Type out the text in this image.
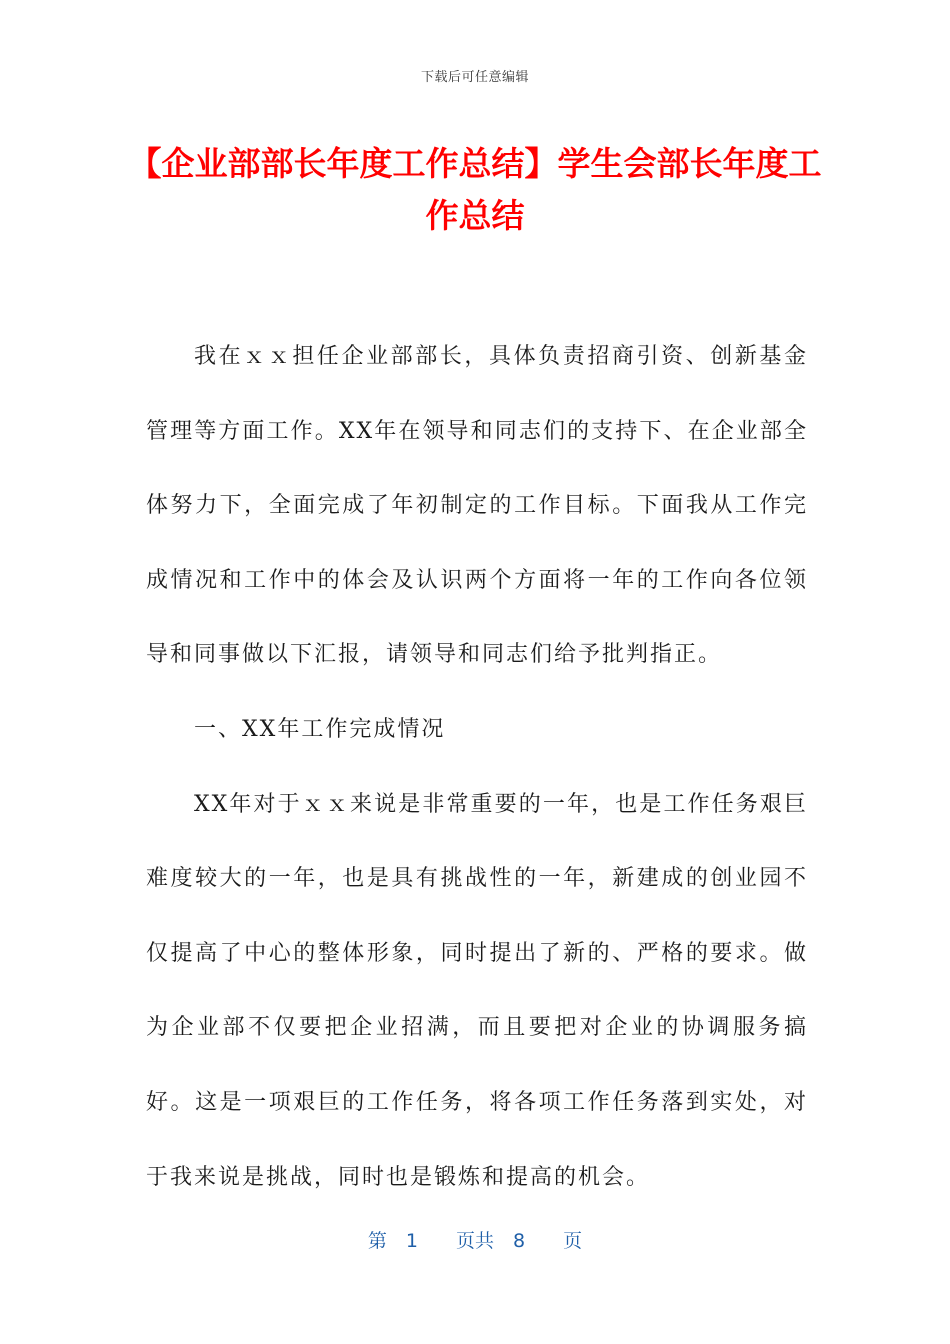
下载后可任意编辑
【企业部部长年度工作总结】学生会部长年度工作总结

我在ｘｘ担任企业部部长，具体负责招商引资、创新基金管理等方面工作。XX年在领导和同志们的支持下、在企业部全体努力下，全面完成了年初制定的工作目标。下面我从工作完成情况和工作中的体会及认识两个方面将一年的工作向各位领导和同事做以下汇报，请领导和同志们给予批判指正。

一、XX年工作完成情况

XX年对于ｘｘ来说是非常重要的一年，也是工作任务艰巨难度较大的一年，也是具有挑战性的一年，新建成的创业园不仅提高了中心的整体形象，同时提出了新的、严格的要求。做为企业部不仅要把企业招满，而且要把对企业的协调服务搞好。这是一项艰巨的工作任务，将各项工作任务落到实处，对于我来说是挑战，同时也是锻炼和提高的机会。

第　1　　页共　8　　页
